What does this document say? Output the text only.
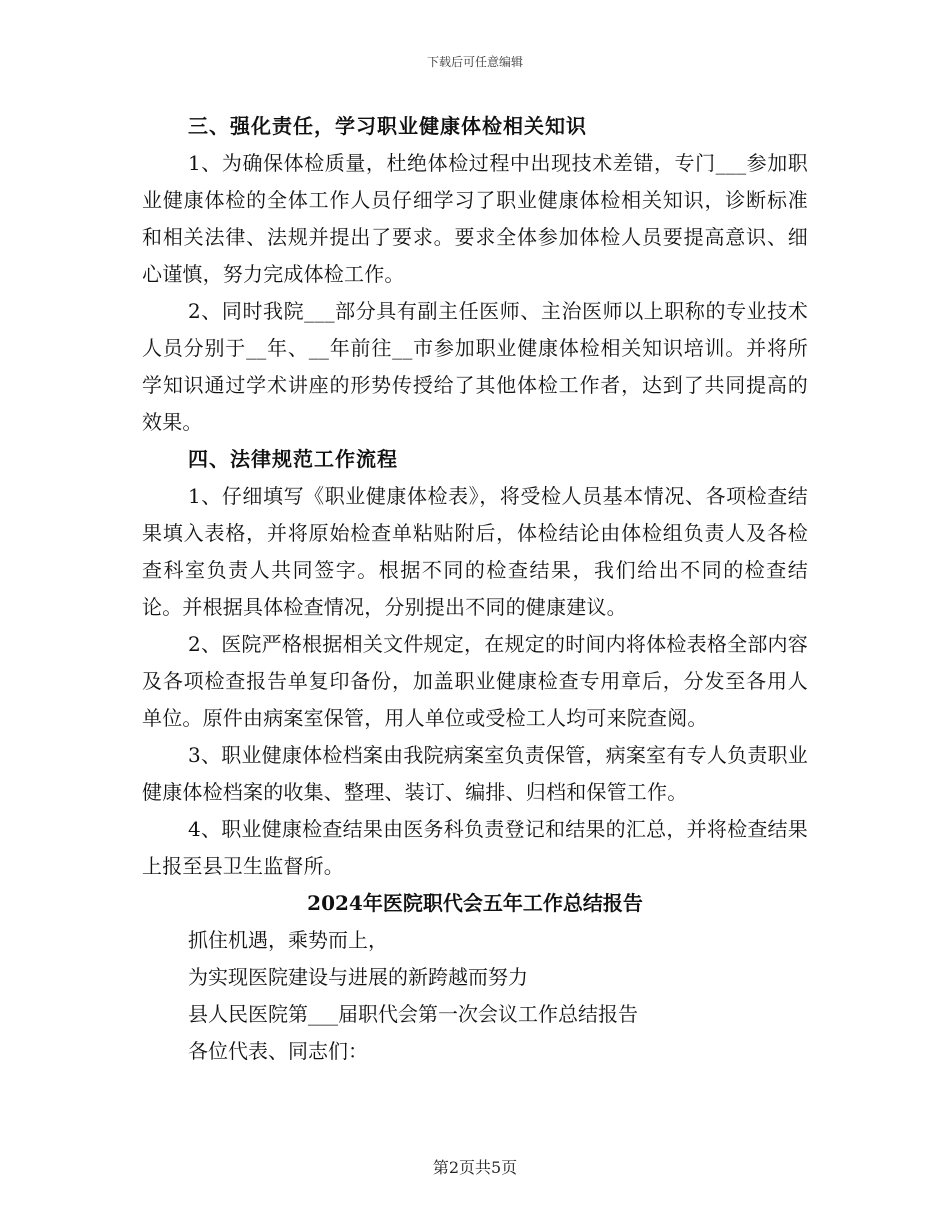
下载后可任意编辑

三、强化责任，学习职业健康体检相关知识

1、为确保体检质量，杜绝体检过程中出现技术差错，专门___参加职业健康体检的全体工作人员仔细学习了职业健康体检相关知识，诊断标准和相关法律、法规并提出了要求。要求全体参加体检人员要提高意识、细心谨慎，努力完成体检工作。

2、同时我院___部分具有副主任医师、主治医师以上职称的专业技术人员分别于__年、__年前往__市参加职业健康体检相关知识培训。并将所学知识通过学术讲座的形势传授给了其他体检工作者，达到了共同提高的效果。

四、法律规范工作流程

1、仔细填写《职业健康体检表》，将受检人员基本情况、各项检查结果填入表格，并将原始检查单粘贴附后，体检结论由体检组负责人及各检查科室负责人共同签字。根据不同的检查结果，我们给出不同的检查结论。并根据具体检查情况，分别提出不同的健康建议。

2、医院严格根据相关文件规定，在规定的时间内将体检表格全部内容及各项检查报告单复印备份，加盖职业健康检查专用章后，分发至各用人单位。原件由病案室保管，用人单位或受检工人均可来院查阅。

3、职业健康体检档案由我院病案室负责保管，病案室有专人负责职业健康体检档案的收集、整理、装订、编排、归档和保管工作。

4、职业健康检查结果由医务科负责登记和结果的汇总，并将检查结果上报至县卫生监督所。

2024年医院职代会五年工作总结报告

抓住机遇，乘势而上，

为实现医院建设与进展的新跨越而努力

县人民医院第___届职代会第一次会议工作总结报告

各位代表、同志们：

第2页共5页
